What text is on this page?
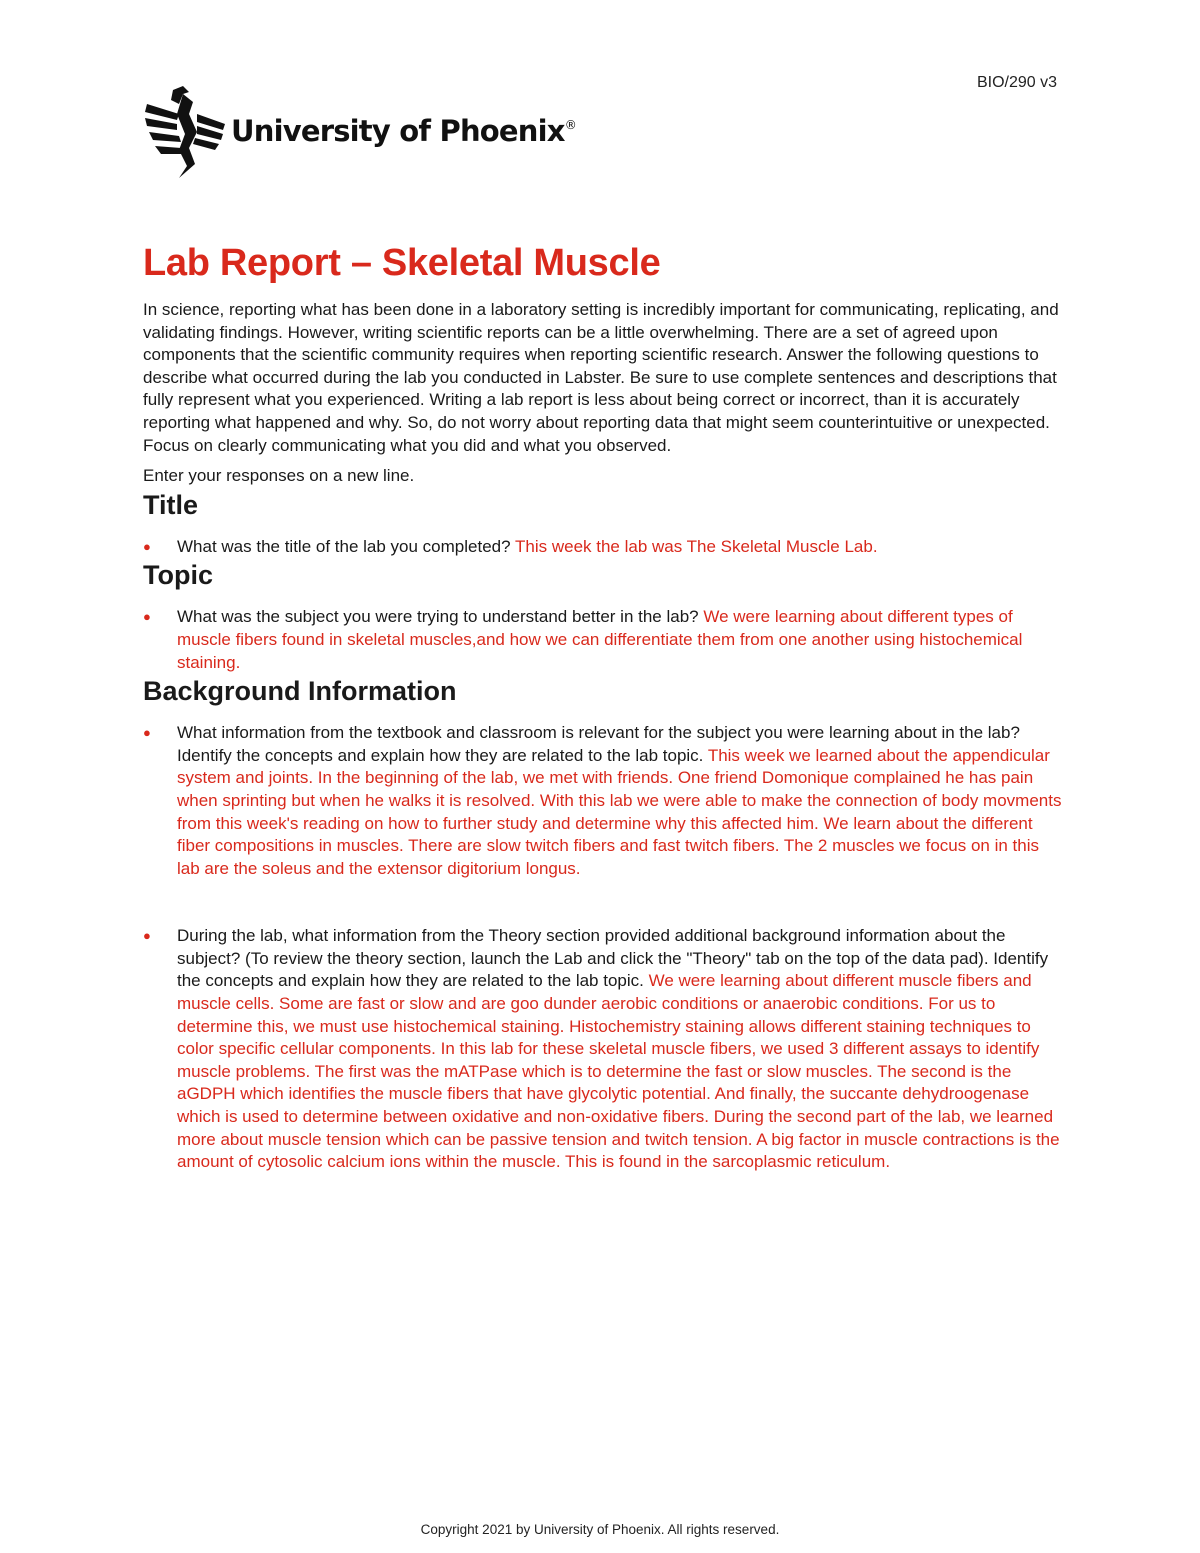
BIO/290 v3
University of Phoenix®
Lab Report – Skeletal Muscle

In science, reporting what has been done in a laboratory setting is incredibly important for communicating, replicating, and validating findings. However, writing scientific reports can be a little overwhelming. There are a set of agreed upon components that the scientific community requires when reporting scientific research. Answer the following questions to describe what occurred during the lab you conducted in Labster. Be sure to use complete sentences and descriptions that fully represent what you experienced. Writing a lab report is less about being correct or incorrect, than it is accurately reporting what happened and why. So, do not worry about reporting data that might seem counterintuitive or unexpected. Focus on clearly communicating what you did and what you observed.

Enter your responses on a new line.

Title
● What was the title of the lab you completed? This week the lab was The Skeletal Muscle Lab.
Topic
● What was the subject you were trying to understand better in the lab? We were learning about different types of muscle fibers found in skeletal muscles,and how we can differentiate them from one another using histochemical staining.
Background Information
● What information from the textbook and classroom is relevant for the subject you were learning about in the lab? Identify the concepts and explain how they are related to the lab topic. This week we learned about the appendicular system and joints. In the beginning of the lab, we met with friends. One friend Domonique complained he has pain when sprinting but when he walks it is resolved. With this lab we were able to make the connection of body movments from this week's reading on how to further study and determine why this affected him. We learn about the different fiber compositions in muscles. There are slow twitch fibers and fast twitch fibers. The 2 muscles we focus on in this lab are the soleus and the extensor digitorium longus.
● During the lab, what information from the Theory section provided additional background information about the subject? (To review the theory section, launch the Lab and click the "Theory" tab on the top of the data pad). Identify the concepts and explain how they are related to the lab topic. We were learning about different muscle fibers and muscle cells. Some are fast or slow and are goo dunder aerobic conditions or anaerobic conditions. For us to determine this, we must use histochemical staining. Histochemistry staining allows different staining techniques to color specific cellular components. In this lab for these skeletal muscle fibers, we used 3 different assays to identify muscle problems. The first was the mATPase which is to determine the fast or slow muscles. The second is the aGDPH which identifies the muscle fibers that have glycolytic potential. And finally, the succante dehydroogenase which is used to determine between oxidative and non-oxidative fibers. During the second part of the lab, we learned more about muscle tension which can be passive tension and twitch tension. A big factor in muscle contractions is the amount of cytosolic calcium ions within the muscle. This is found in the sarcoplasmic reticulum.
Copyright 2021 by University of Phoenix. All rights reserved.
